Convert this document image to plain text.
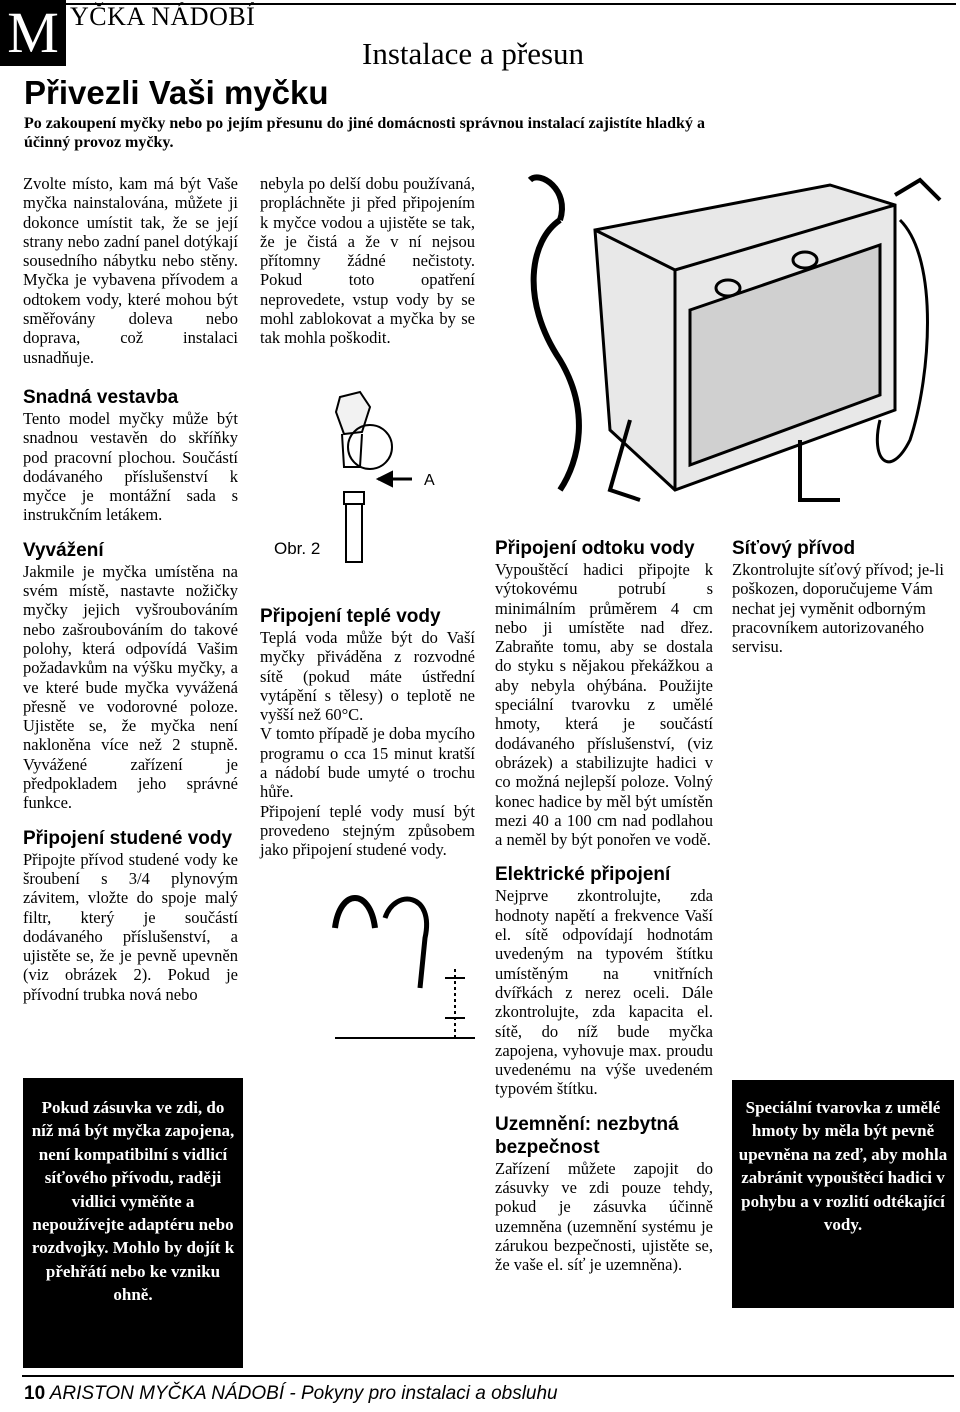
M YČKA NÁDOBÍ
Instalace a přesun
Přivezli Vaši myčku
Po zakoupení myčky nebo po jejím přesunu do jiné domácnosti správnou instalací zajistíte hladký a účinný provoz myčky.
Zvolte místo, kam má být Vaše myčka nainstalována, můžete ji dokonce umístit tak, že se její strany nebo zadní panel dotýkají sousedního nábytku nebo stěny. Myčka je vybavena přívodem a odtokem vody, které mohou být směřovány doleva nebo doprava, což instalaci usnadňuje.
nebyla po delší dobu používaná, propláchněte ji před připojením k myčce vodou a ujistěte se tak, že je čistá a že v ní nejsou přítomny žádné nečistoty. Pokud toto opatření neprovedete, vstup vody by se mohl zablokovat a myčka by se tak mohla poškodit.
Snadná vestavba
Tento model myčky může být snadnou vestavěn do skříňky pod pracovní plochou. Součástí dodávaného příslušenství k myčce je montážní sada s instrukčním letákem.
Vyvážení
Jakmile je myčka umístěna na svém místě, nastavte nožičky myčky jejich vyšroubováním nebo zašroubováním do takové polohy, která odpovídá Vašim požadavkům na výšku myčky, a ve které bude myčka vyvážená přesně ve vodorovné poloze. Ujistěte se, že myčka není nakloněna více než 2 stupně. Vyvážené zařízení je předpokladem jeho správné funkce.
Připojení studené vody
Připojte přívod studené vody ke šroubení s 3/4 plynovým závitem, vložte do spoje malý filtr, který je součástí dodávaného příslušenství, a ujistěte se, že je pevně upevněn (viz obrázek 2). Pokud je přívodní trubka nová nebo
Připojení teplé vody
Teplá voda může být do Vaší myčky přiváděna z rozvodné sítě (pokud máte ústřední vytápění s tělesy) o teplotě ne vyšší než 60°C.
V tomto případě je doba mycího programu o cca 15 minut kratší a nádobí bude umyté o trochu hůře.
Připojení teplé vody musí být provedeno stejným způsobem jako připojení studené vody.
Připojení odtoku vody
Vypouštěcí hadici připojte k výtokovému potrubí s minimálním průměrem 4 cm nebo ji umístěte nad dřez. Zabraňte tomu, aby se dostala do styku s nějakou překážkou a aby nebyla ohýbána. Použijte speciální tvarovku z umělé hmoty, která je součástí dodávaného příslušenství, (viz obrázek) a stabilizujte hadici v co možná nejlepší poloze. Volný konec hadice by měl být umístěn mezi 40 a 100 cm nad podlahou a neměl by být ponořen ve vodě.
Elektrické připojení
Nejprve zkontrolujte, zda hodnoty napětí a frekvence Vaší el. sítě odpovídají hodnotám uvedeným na typovém štítku umístěným na vnitřních dvířkách z nerez oceli. Dále zkontrolujte, zda kapacita el. sítě, do níž bude myčka zapojena, vyhovuje max. proudu uvedenému na výše uvedeném typovém štítku.
Uzemnění: nezbytná bezpečnost
Zařízení můžete zapojit do zásuvky ve zdi pouze tehdy, pokud je zásuvka účinně uzemněna (uzemnění systému je zárukou bezpečnosti, ujistěte se, že vaše el. síť je uzemněna).
Síťový přívod
Zkontrolujte síťový přívod; je-li poškozen, doporučujeme Vám nechat jej vyměnit odborným pracovníkem autorizovaného servisu.
Pokud zásuvka ve zdi, do níž má být myčka zapojena, není kompatibilní s vidlicí síťového přívodu, raději vidlici vyměňte a nepoužívejte adaptéru nebo rozdvojky. Mohlo by dojít k přehřátí nebo ke vzniku ohně.
Speciální tvarovka z umělé hmoty by měla být pevně upevněna na zeď, aby mohla zabránit vypouštěcí hadici v pohybu a v rozlití odtékající vody.
A
Obr. 2
10 ARISTON MYČKA NÁDOBÍ - Pokyny pro instalaci a obsluhu
